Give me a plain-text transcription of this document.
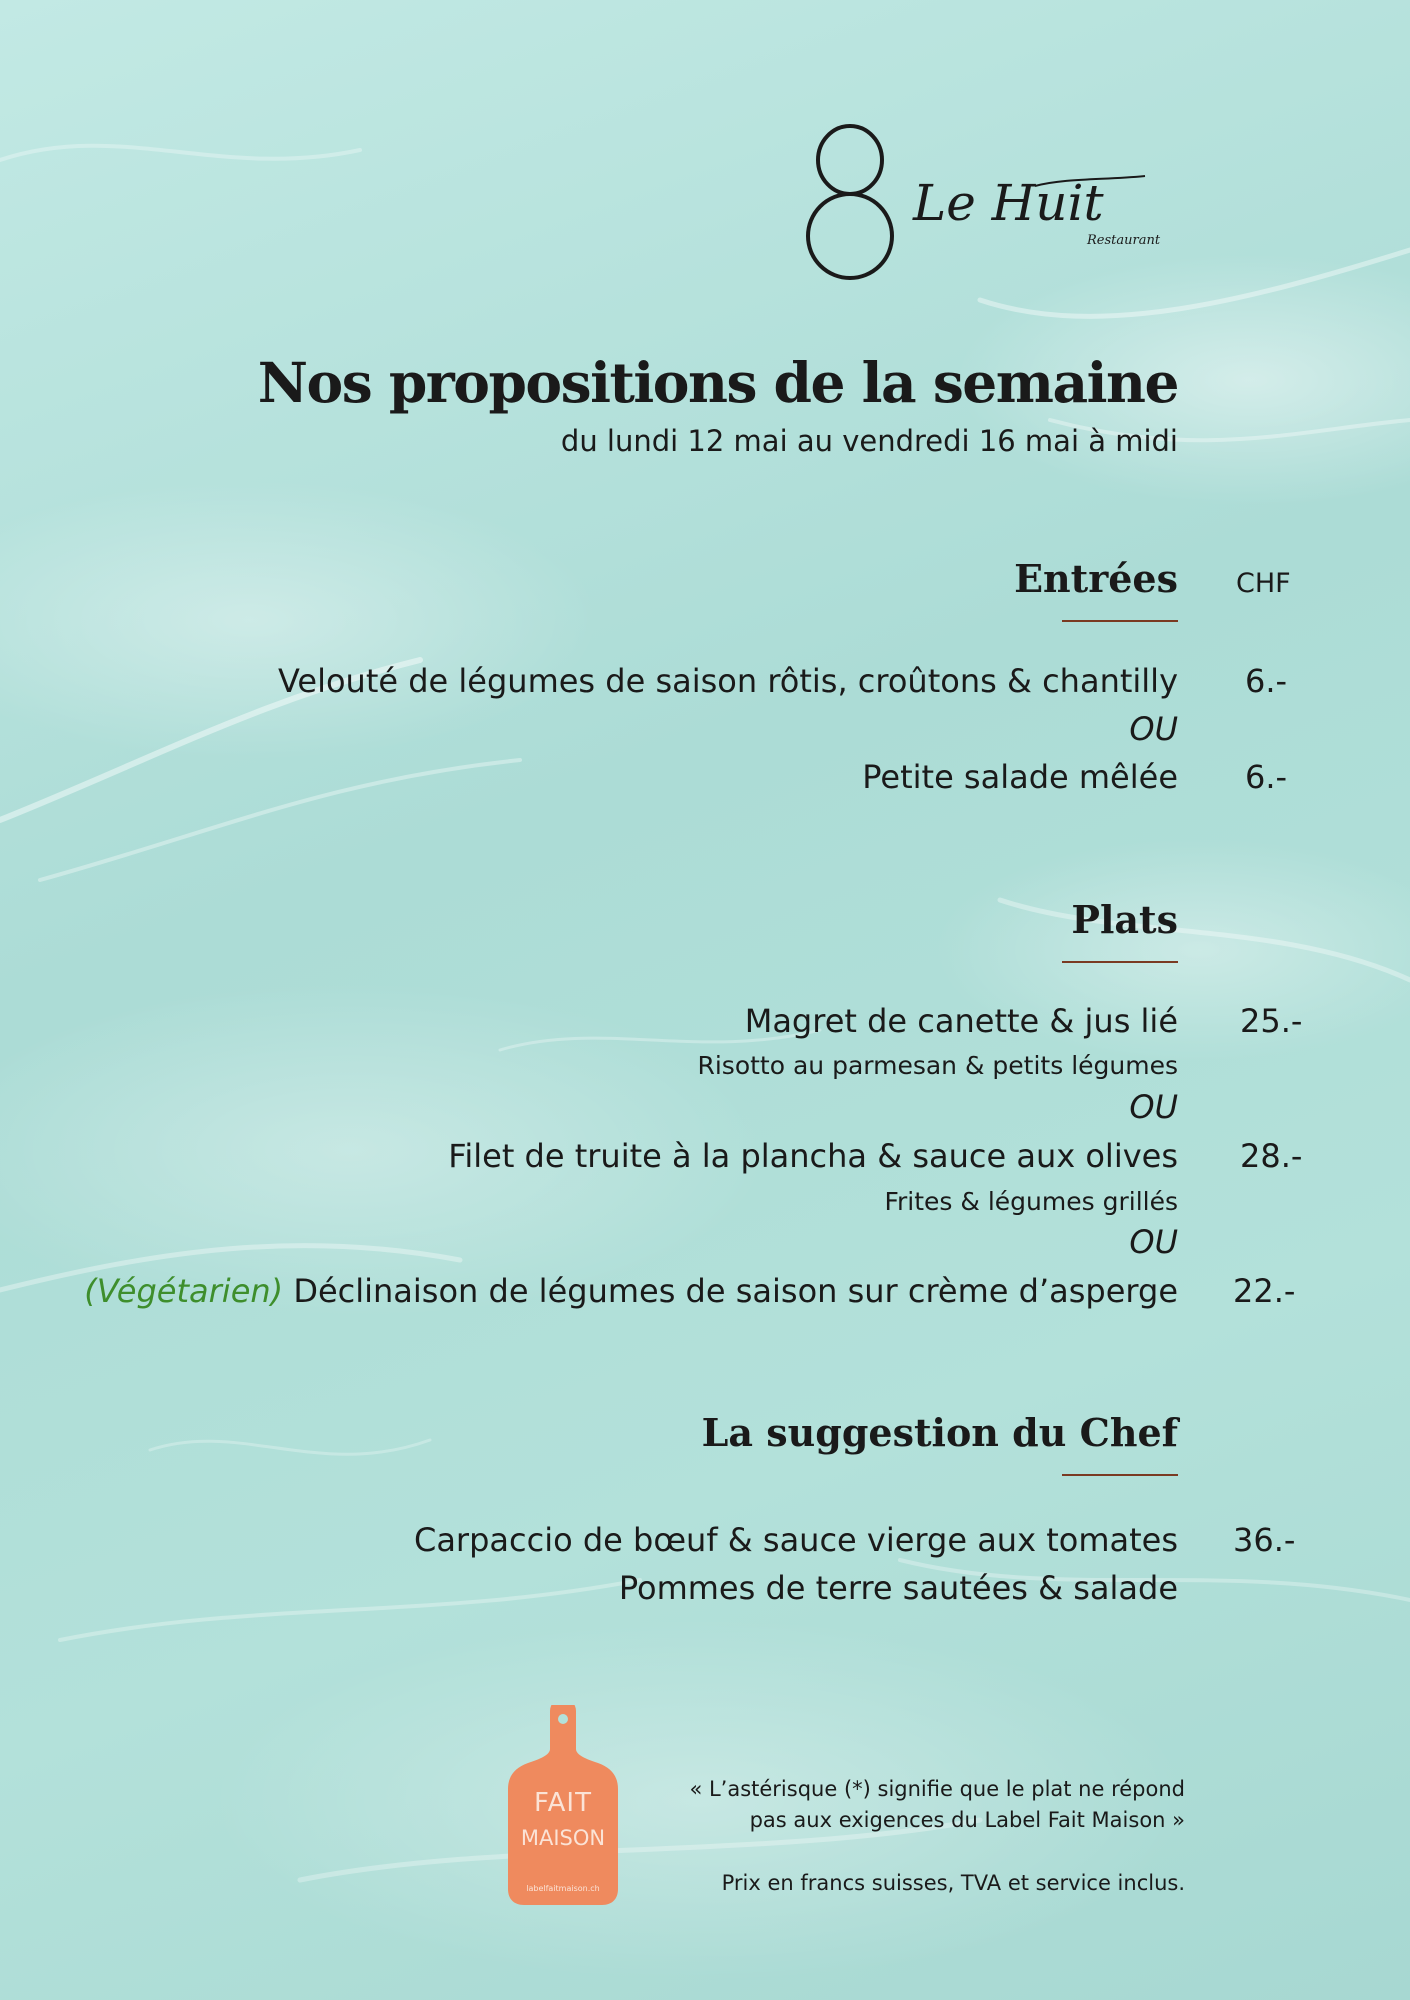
Le Huit
Restaurant
Nos propositions de la semaine
du lundi 12 mai au vendredi 16 mai à midi
Entrées CHF
Velouté de légumes de saison rôtis, croûtons & chantilly 6.-
OU
Petite salade mêlée 6.-
Plats
Magret de canette & jus lié 25.-
Risotto au parmesan & petits légumes
OU
Filet de truite à la plancha & sauce aux olives 28.-
Frites & légumes grillés
OU
(Végétarien) Déclinaison de légumes de saison sur crème d’asperge 22.-
La suggestion du Chef
Carpaccio de bœuf & sauce vierge aux tomates 36.-
Pommes de terre sautées & salade
FAIT
MAISON
labelfaitmaison.ch
« L’astérisque (*) signifie que le plat ne répond
pas aux exigences du Label Fait Maison »
Prix en francs suisses, TVA et service inclus.
